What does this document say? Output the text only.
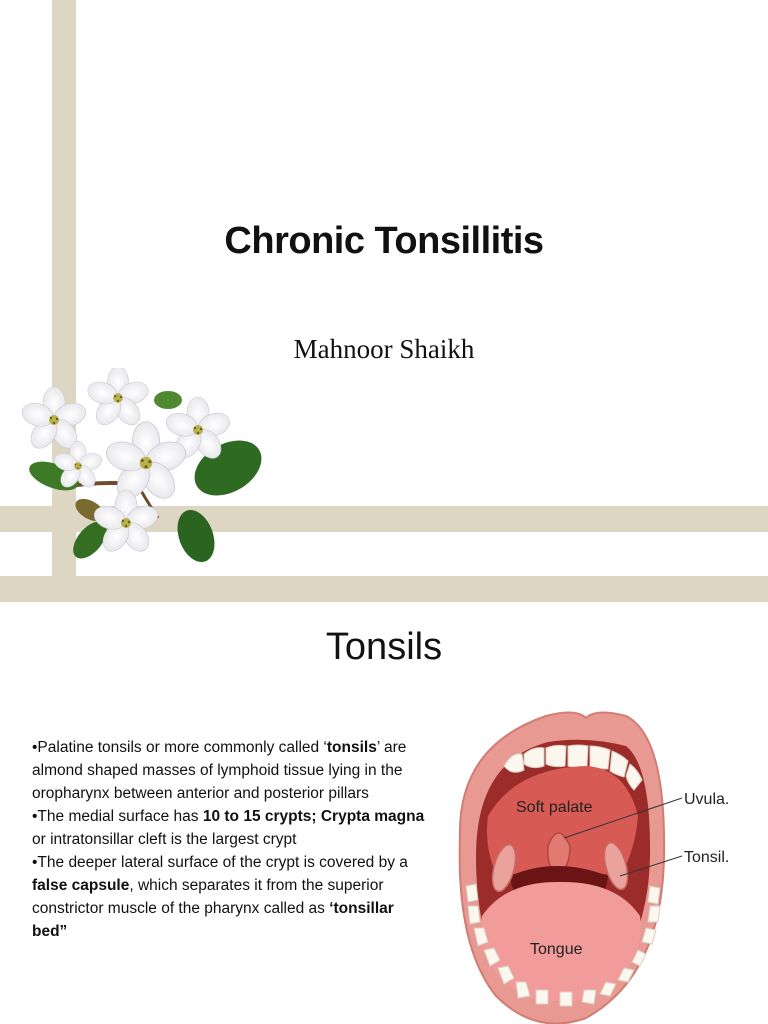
Chronic Tonsillitis
Mahnoor Shaikh
Tonsils

•Palatine tonsils or more commonly called ‘tonsils’ are almond shaped masses of lymphoid tissue lying in the oropharynx between anterior and posterior pillars

•The medial surface has 10 to 15 crypts; Crypta magna or intratonsillar cleft is the largest crypt

•The deeper lateral surface of the crypt is covered by a false capsule, which separates it from the superior constrictor muscle of the pharynx called as ‘tonsillar bed”

Soft palate	Uvula.
Tonsil.
Tongue
